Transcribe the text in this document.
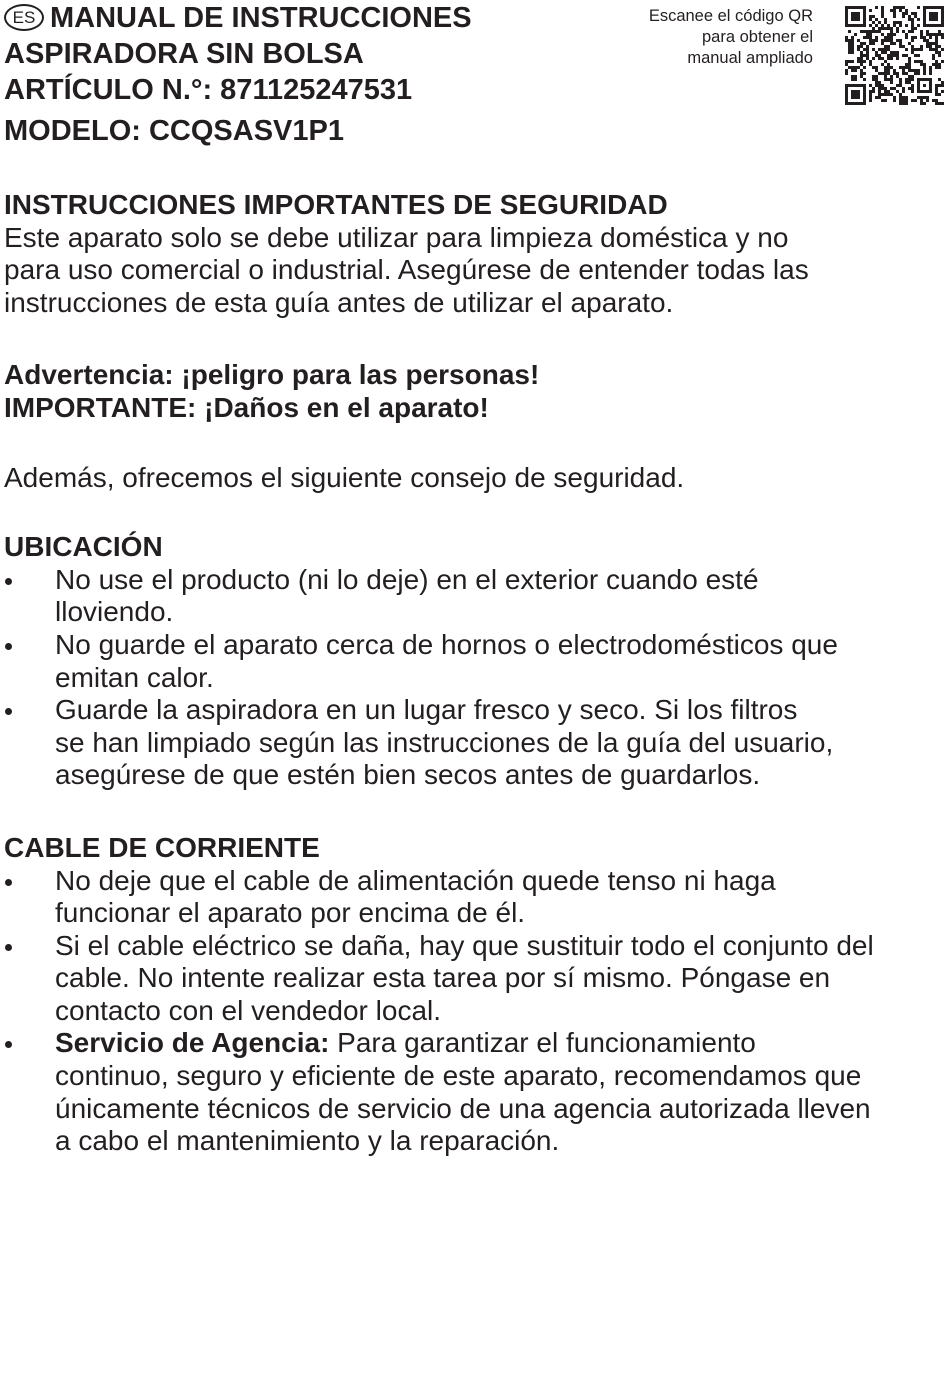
ES MANUAL DE INSTRUCCIONES
ASPIRADORA SIN BOLSA
ARTÍCULO N.°: 871125247531
MODELO: CCQSASV1P1
Escanee el código QR
para obtener el
manual ampliado
INSTRUCCIONES IMPORTANTES DE SEGURIDAD

Este aparato solo se debe utilizar para limpieza doméstica y no

para uso comercial o industrial. Asegúrese de entender todas las

instrucciones de esta guía antes de utilizar el aparato.

Advertencia: ¡peligro para las personas!

IMPORTANTE: ¡Daños en el aparato!

Además, ofrecemos el siguiente consejo de seguridad.

UBICACIÓN
No use el producto (ni lo deje) en el exterior cuando esté
lloviendo.
No guarde el aparato cerca de hornos o electrodomésticos que
emitan calor.
Guarde la aspiradora en un lugar fresco y seco. Si los filtros
se han limpiado según las instrucciones de la guía del usuario,
asegúrese de que estén bien secos antes de guardarlos.
CABLE DE CORRIENTE
No deje que el cable de alimentación quede tenso ni haga
funcionar el aparato por encima de él.
Si el cable eléctrico se daña, hay que sustituir todo el conjunto del
cable. No intente realizar esta tarea por sí mismo. Póngase en
contacto con el vendedor local.
Servicio de Agencia: Para garantizar el funcionamiento
continuo, seguro y eficiente de este aparato, recomendamos que
únicamente técnicos de servicio de una agencia autorizada lleven
a cabo el mantenimiento y la reparación.
